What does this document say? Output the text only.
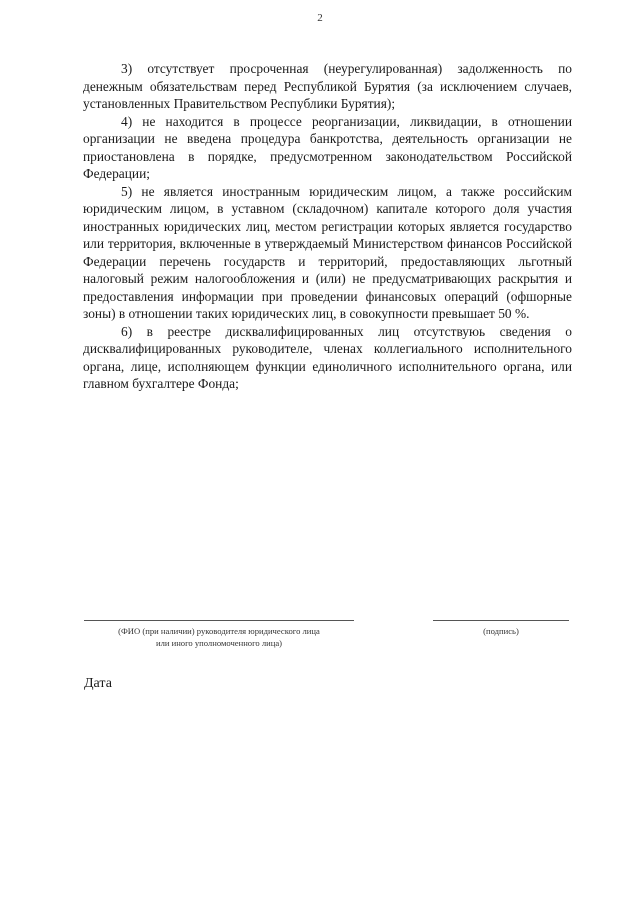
2

3) отсутствует просроченная (неурегулированная) задолженность по денежным обязательствам перед Республикой Бурятия (за исключением случаев, установленных Правительством Республики Бурятия);

4) не находится в процессе реорганизации, ликвидации, в отношении организации не введена процедура банкротства, деятельность организации не приостановлена в порядке, предусмотренном законодательством Российской Федерации;

5) не является иностранным юридическим лицом, а также российским юридическим лицом, в уставном (складочном) капитале которого доля участия иностранных юридических лиц, местом регистрации которых является государство или территория, включенные в утверждаемый Министерством финансов Российской Федерации перечень государств и территорий, предоставляющих льготный налоговый режим налогообложения и (или) не предусматривающих раскрытия и предоставления информации при проведении финансовых операций (офшорные зоны) в отношении таких юридических лиц, в совокупности превышает 50 %.

6) в реестре дисквалифицированных лиц отсутствуюь сведения о дисквалифицированных руководителе, членах коллегиального исполнительного органа, лице, исполняющем функции единоличного исполнительного органа, или главном бухгалтере Фонда;

(ФИО (при наличии) руководителя юридического лица
или иного уполномоченного лица)
(подпись)
Дата
